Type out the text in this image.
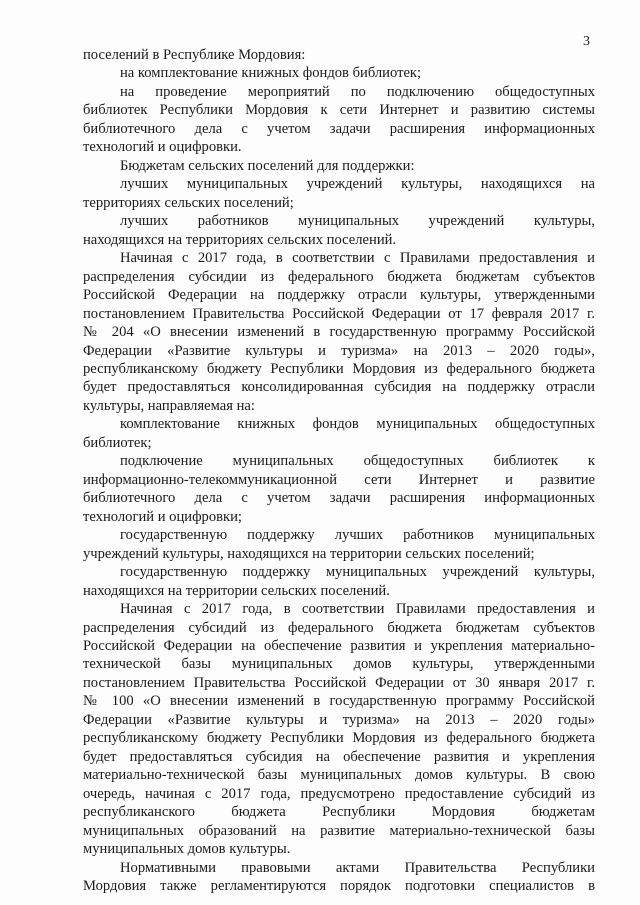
3
поселений в Республике Мордовия:
на комплектование книжных фондов библиотек;
на проведение мероприятий по подключению общедоступных
библиотек Республики Мордовия к сети Интернет и развитию системы
библиотечного дела с учетом задачи расширения информационных
технологий и оцифровки.
Бюджетам сельских поселений для поддержки:
лучших муниципальных учреждений культуры, находящихся на
территориях сельских поселений;
лучших работников муниципальных учреждений культуры,
находящихся на территориях сельских поселений.
Начиная с 2017 года, в соответствии с Правилами предоставления и
распределения субсидии из федерального бюджета бюджетам субъектов
Российской Федерации на поддержку отрасли культуры, утвержденными
постановлением Правительства Российской Федерации от 17 февраля 2017 г.
№ 204 «О внесении изменений в государственную программу Российской
Федерации «Развитие культуры и туризма» на 2013 – 2020 годы»,
республиканскому бюджету Республики Мордовия из федерального бюджета
будет предоставляться консолидированная субсидия на поддержку отрасли
культуры, направляемая на:
комплектование книжных фондов муниципальных общедоступных
библиотек;
подключение муниципальных общедоступных библиотек к
информационно-телекоммуникационной сети Интернет и развитие
библиотечного дела с учетом задачи расширения информационных
технологий и оцифровки;
государственную поддержку лучших работников муниципальных
учреждений культуры, находящихся на территории сельских поселений;
государственную поддержку муниципальных учреждений культуры,
находящихся на территории сельских поселений.
Начиная с 2017 года, в соответствии Правилами предоставления и
распределения субсидий из федерального бюджета бюджетам субъектов
Российской Федерации на обеспечение развития и укрепления материально-
технической базы муниципальных домов культуры, утвержденными
постановлением Правительства Российской Федерации от 30 января 2017 г.
№ 100 «О внесении изменений в государственную программу Российской
Федерации «Развитие культуры и туризма» на 2013 – 2020 годы»
республиканскому бюджету Республики Мордовия из федерального бюджета
будет предоставляться субсидия на обеспечение развития и укрепления
материально-технической базы муниципальных домов культуры. В свою
очередь, начиная с 2017 года, предусмотрено предоставление субсидий из
республиканского бюджета Республики Мордовия бюджетам
муниципальных образований на развитие материально-технической базы
муниципальных домов культуры.
Нормативными правовыми актами Правительства Республики
Мордовия также регламентируются порядок подготовки специалистов в
